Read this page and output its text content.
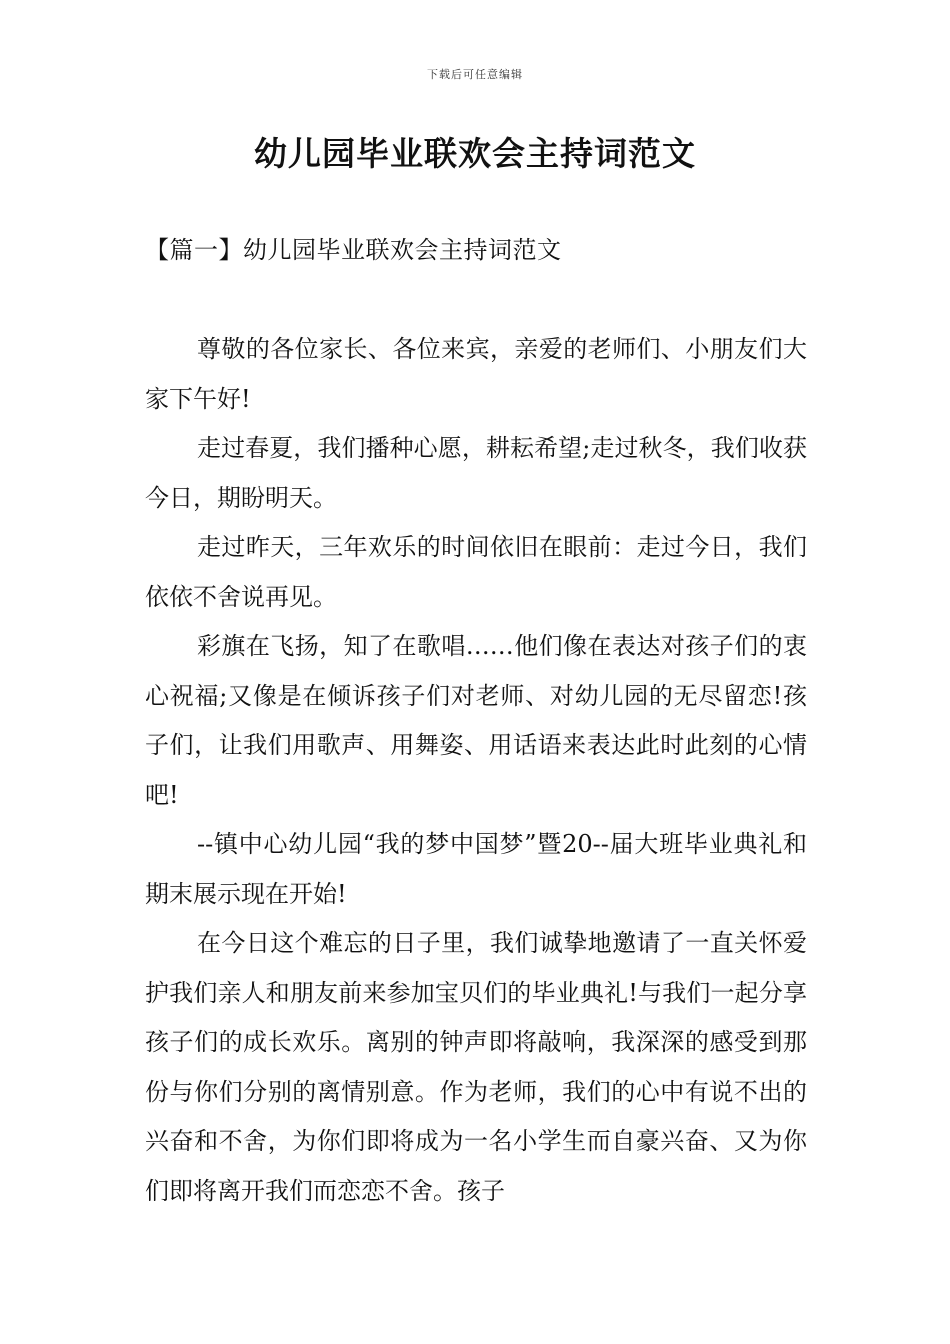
下载后可任意编辑
幼儿园毕业联欢会主持词范文
【篇一】幼儿园毕业联欢会主持词范文

尊敬的各位家长、各位来宾，亲爱的老师们、小朋友们大家下午好!

走过春夏，我们播种心愿，耕耘希望;走过秋冬，我们收获今日，期盼明天。

走过昨天，三年欢乐的时间依旧在眼前：走过今日，我们依依不舍说再见。

彩旗在飞扬，知了在歌唱……他们像在表达对孩子们的衷心祝福;又像是在倾诉孩子们对老师、对幼儿园的无尽留恋!孩子们，让我们用歌声、用舞姿、用话语来表达此时此刻的心情吧!

--镇中心幼儿园“我的梦中国梦”暨20--届大班毕业典礼和期末展示现在开始!

在今日这个难忘的日子里，我们诚挚地邀请了一直关怀爱护我们亲人和朋友前来参加宝贝们的毕业典礼!与我们一起分享孩子们的成长欢乐。离别的钟声即将敲响，我深深的感受到那份与你们分别的离情别意。作为老师，我们的心中有说不出的兴奋和不舍，为你们即将成为一名小学生而自豪兴奋、又为你们即将离开我们而恋恋不舍。孩子
